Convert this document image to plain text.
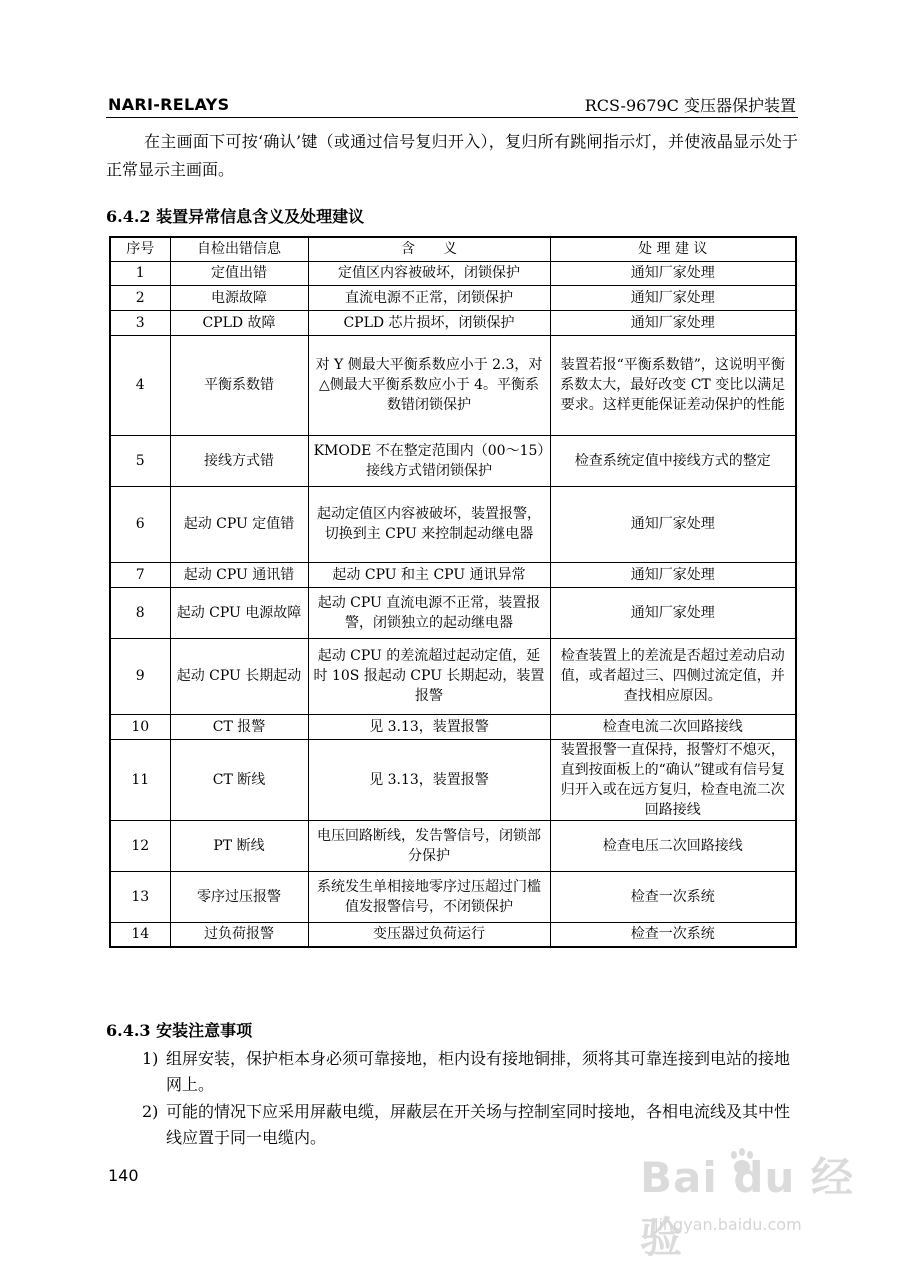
NARI-RELAYS	RCS-9679C 变压器保护装置

在主画面下可按‘确认’键（或通过信号复归开入），复归所有跳闸指示灯，并使液晶显示处于正常显示主画面。

6.4.2 装置异常信息含义及处理建议
序号	自检出错信息	含　　义	处 理 建 议
1	定值出错	定值区内容被破坏，闭锁保护	通知厂家处理
2	电源故障	直流电源不正常，闭锁保护	通知厂家处理
3	CPLD 故障	CPLD 芯片损坏，闭锁保护	通知厂家处理
4	平衡系数错	对 Y 侧最大平衡系数应小于 2.3，对△侧最大平衡系数应小于 4。平衡系数错闭锁保护	装置若报“平衡系数错”，这说明平衡系数太大，最好改变 CT 变比以满足要求。这样更能保证差动保护的性能
5	接线方式错	KMODE 不在整定范围内（00～15）接线方式错闭锁保护	检查系统定值中接线方式的整定
6	起动 CPU 定值错	起动定值区内容被破坏，装置报警，切换到主 CPU 来控制起动继电器	通知厂家处理
7	起动 CPU 通讯错	起动 CPU 和主 CPU 通讯异常	通知厂家处理
8	起动 CPU 电源故障	起动 CPU 直流电源不正常，装置报警，闭锁独立的起动继电器	通知厂家处理
9	起动 CPU 长期起动	起动 CPU 的差流超过起动定值，延时 10S 报起动 CPU 长期起动，装置报警	检查装置上的差流是否超过差动启动值，或者超过三、四侧过流定值，并查找相应原因。
10	CT 报警	见 3.13，装置报警	检查电流二次回路接线
11	CT 断线	见 3.13，装置报警	装置报警一直保持，报警灯不熄灭，直到按面板上的“确认”键或有信号复归开入或在远方复归，检查电流二次回路接线
12	PT 断线	电压回路断线，发告警信号，闭锁部分保护	检查电压二次回路接线
13	零序过压报警	系统发生单相接地零序过压超过门槛值发报警信号，不闭锁保护	检查一次系统
14	过负荷报警	变压器过负荷运行	检查一次系统
6.4.3 安装注意事项
1) 组屏安装，保护柜本身必须可靠接地，柜内设有接地铜排，须将其可靠连接到电站的接地网上。
2) 可能的情况下应采用屏蔽电缆，屏蔽层在开关场与控制室同时接地，各相电流线及其中性线应置于同一电缆内。
140	Bai du 经验
jingyan.baidu.com
